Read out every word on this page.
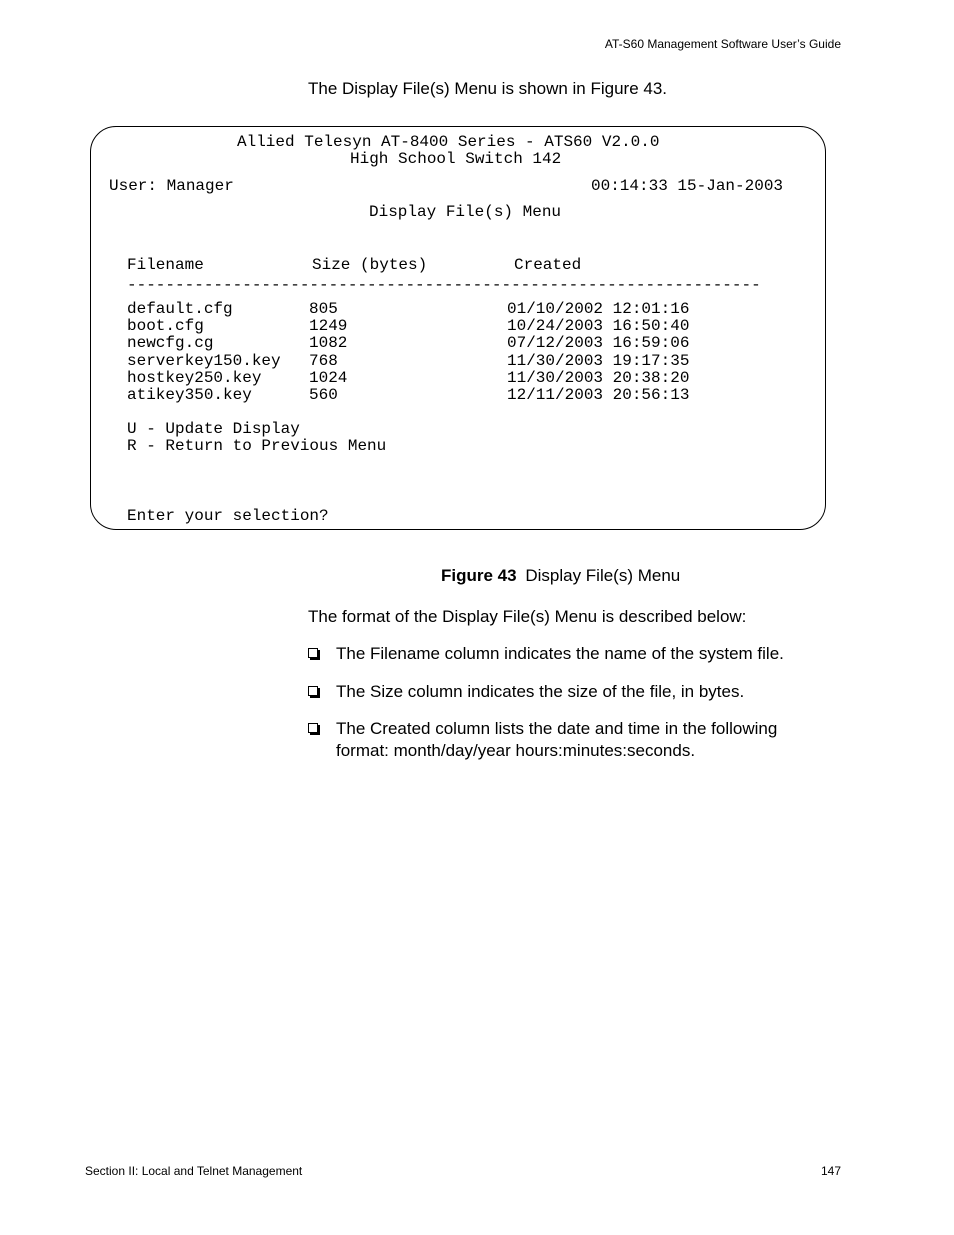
AT-S60 Management Software User’s Guide
The Display File(s) Menu is shown in Figure 43.
Allied Telesyn AT-8400 Series - ATS60 V2.0.0
High School Switch 142
User: Manager	00:14:33 15-Jan-2003
Display File(s) Menu
Filename	Size (bytes)	Created
------------------------------------------------------------------
default.cfg	805	01/10/2002 12:01:16
boot.cfg	1249	10/24/2003 16:50:40
newcfg.cg	1082	07/12/2003 16:59:06
serverkey150.key 768	11/30/2003 19:17:35
hostkey250.key	1024	11/30/2003 20:38:20
atikey350.key	560	12/11/2003 20:56:13
U - Update Display
R - Return to Previous Menu
Enter your selection?
Figure 43 Display File(s) Menu
The format of the Display File(s) Menu is described below:
The Filename column indicates the name of the system file.
The Size column indicates the size of the file, in bytes.
The Created column lists the date and time in the following format: month/day/year hours:minutes:seconds.
Section II: Local and Telnet Management	147
